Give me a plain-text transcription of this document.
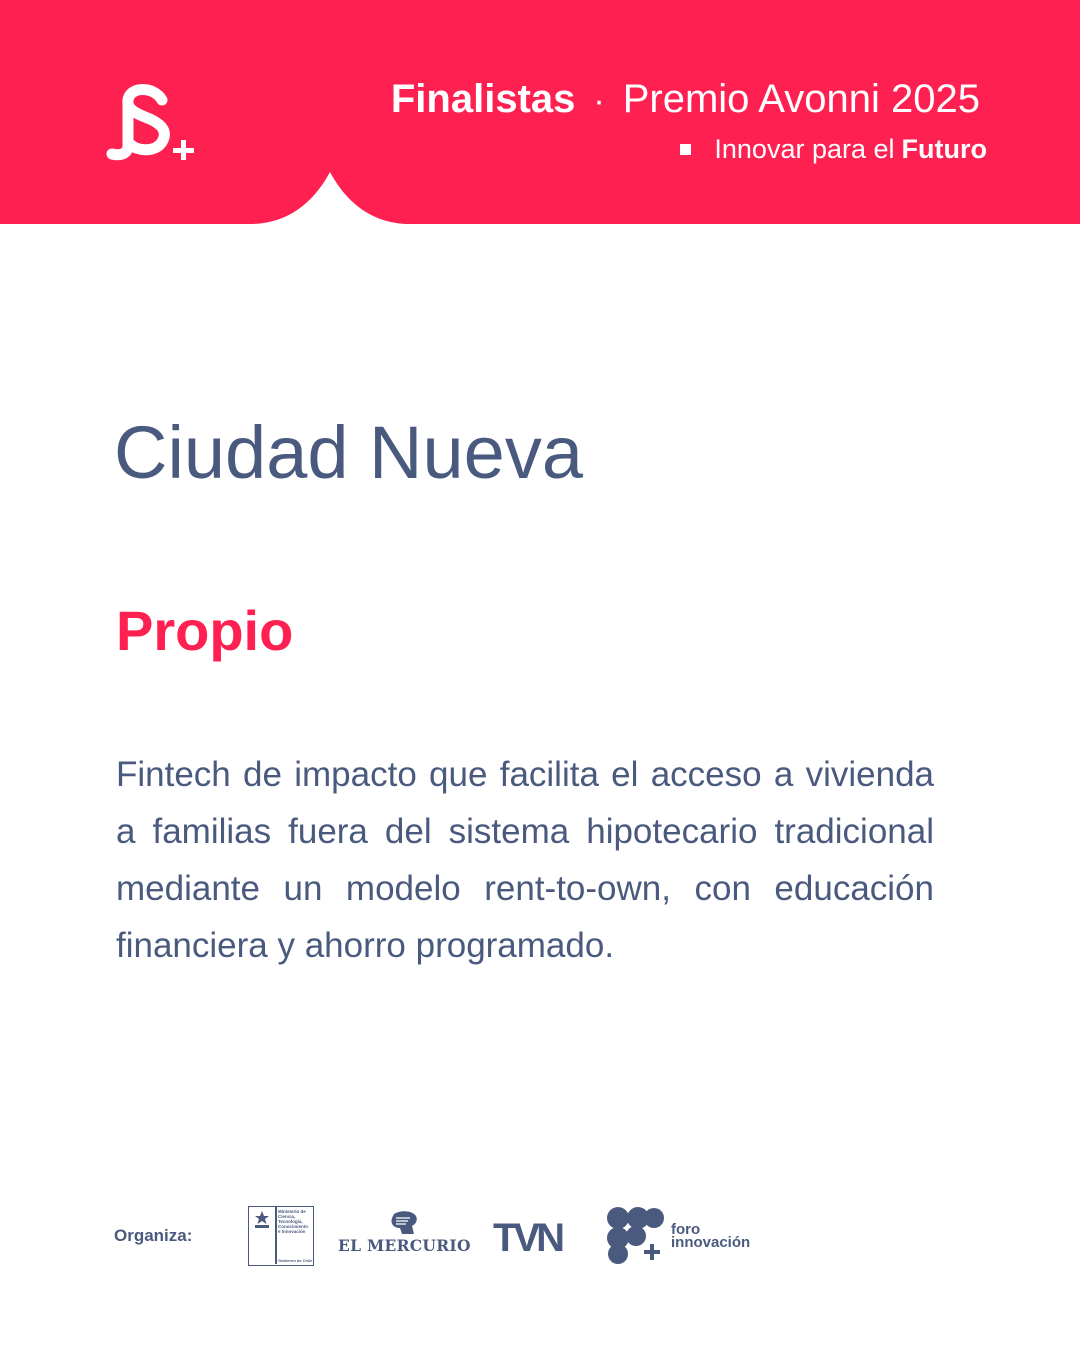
Finalistas · Premio Avonni 2025
Innovar para el Futuro
Ciudad Nueva
Propio

Fintech de impacto que facilita el acceso a vivienda a familias fuera del sistema hipotecario tradicional mediante un modelo rent-to-own, con educación financiera y ahorro programado.

Organiza:
Ministerio de
Ciencia,
Tecnología,
Conocimiento
e Innovación
Gobierno de Chile
EL MERCURIO TVN	foro
innovación
